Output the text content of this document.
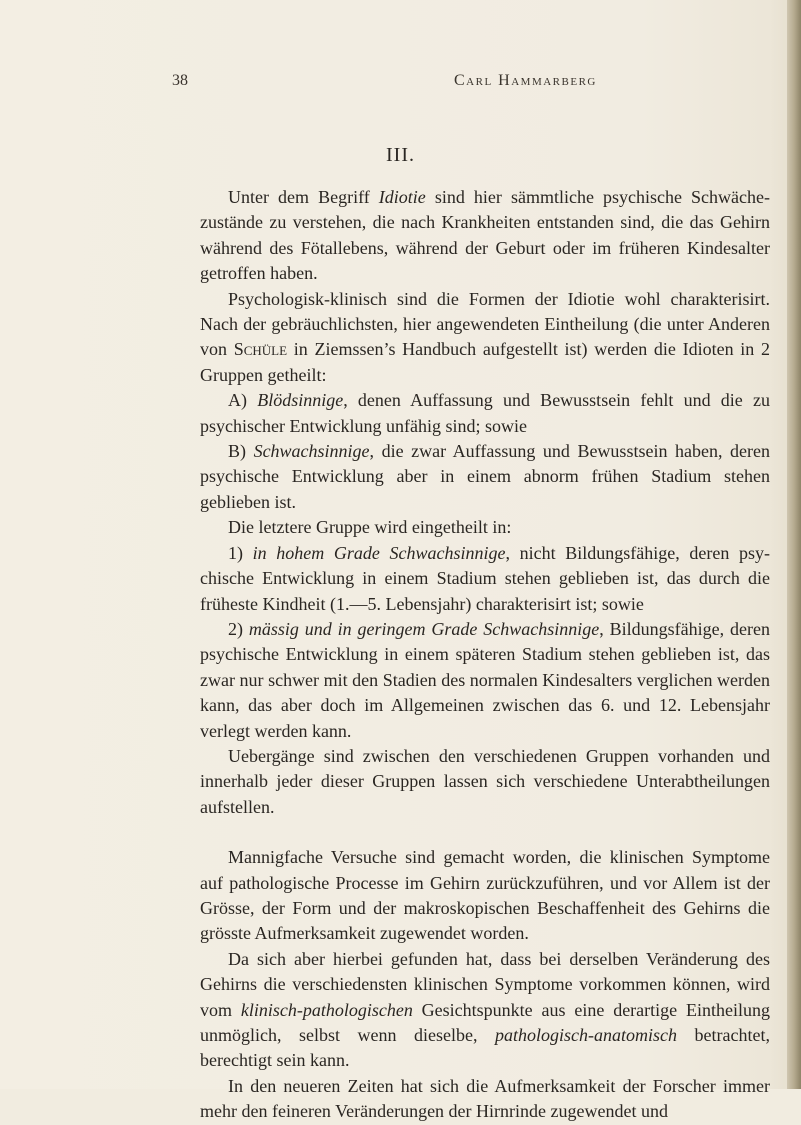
38	Carl Hammarberg
III.

Unter dem Begriff Idiotie sind hier sämmtliche psychische Schwächezustände zu verstehen, die nach Krankheiten entstanden sind, die das Gehirn während des Fötallebens, während der Geburt oder im früheren Kindesalter getroffen haben.

Psychologisk-klinisch sind die Formen der Idiotie wohl charakterisirt. Nach der gebräuchlichsten, hier angewendeten Eintheilung (die unter Anderen von Schüle in Ziemssen’s Handbuch aufgestellt ist) werden die Idioten in 2 Gruppen getheilt:

A) Blödsinnige, denen Auffassung und Bewusstsein fehlt und die zu psychischer Entwicklung unfähig sind; sowie

B) Schwachsinnige, die zwar Auffassung und Bewusstsein haben, deren psychische Entwicklung aber in einem abnorm frühen Stadium stehen geblieben ist.

Die letztere Gruppe wird eingetheilt in:

1) in hohem Grade Schwachsinnige, nicht Bildungsfähige, deren psychische Entwicklung in einem Stadium stehen geblieben ist, das durch die früheste Kindheit (1.—5. Lebensjahr) charakterisirt ist; sowie

2) mässig und in geringem Grade Schwachsinnige, Bildungsfähige, deren psychische Entwicklung in einem späteren Stadium stehen geblieben ist, das zwar nur schwer mit den Stadien des normalen Kindesalters verglichen werden kann, das aber doch im Allgemeinen zwischen das 6. und 12. Lebensjahr verlegt werden kann.

Uebergänge sind zwischen den verschiedenen Gruppen vorhanden und innerhalb jeder dieser Gruppen lassen sich verschiedene Unterabtheilungen aufstellen.

Mannigfache Versuche sind gemacht worden, die klinischen Symptome auf pathologische Processe im Gehirn zurückzuführen, und vor Allem ist der Grösse, der Form und der makroskopischen Beschaffenheit des Gehirns die grösste Aufmerksamkeit zugewendet worden.

Da sich aber hierbei gefunden hat, dass bei derselben Veränderung des Gehirns die verschiedensten klinischen Symptome vorkommen können, wird vom klinisch-pathologischen Gesichtspunkte aus eine derartige Eintheilung unmöglich, selbst wenn dieselbe, pathologisch-anatomisch betrachtet, berechtigt sein kann.

In den neueren Zeiten hat sich die Aufmerksamkeit der Forscher immer mehr den feineren Veränderungen der Hirnrinde zugewendet und
